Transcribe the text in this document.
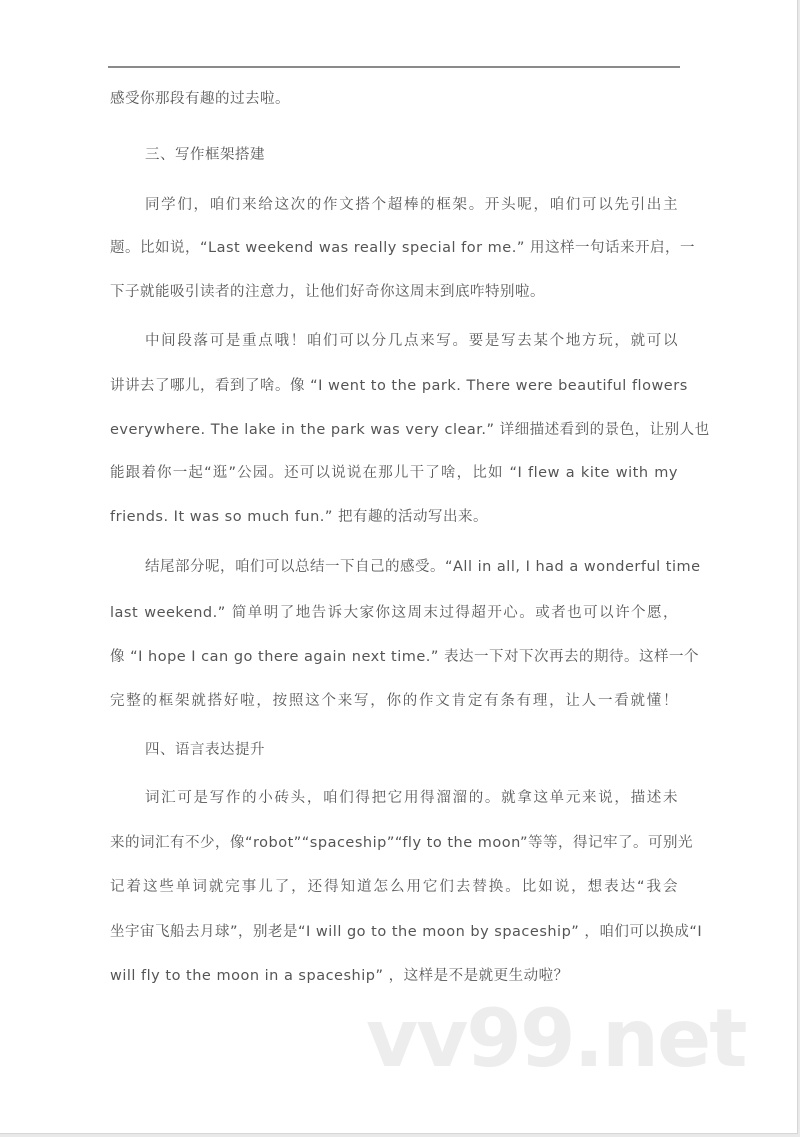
感受你那段有趣的过去啦。
三、写作框架搭建
同学们，咱们来给这次的作文搭个超棒的框架。开头呢，咱们可以先引出主
题。比如说，“Last weekend was really special for me.” 用这样一句话来开启，一
下子就能吸引读者的注意力，让他们好奇你这周末到底咋特别啦。
中间段落可是重点哦！咱们可以分几点来写。要是写去某个地方玩，就可以
讲讲去了哪儿，看到了啥。像 “I went to the park. There were beautiful flowers
everywhere. The lake in the park was very clear.” 详细描述看到的景色，让别人也
能跟着你一起“逛”公园。还可以说说在那儿干了啥，比如 “I flew a kite with my
friends. It was so much fun.” 把有趣的活动写出来。
结尾部分呢，咱们可以总结一下自己的感受。“All in all, I had a wonderful time
last weekend.” 简单明了地告诉大家你这周末过得超开心。或者也可以许个愿，
像 “I hope I can go there again next time.” 表达一下对下次再去的期待。这样一个
完整的框架就搭好啦，按照这个来写，你的作文肯定有条有理，让人一看就懂！
四、语言表达提升
词汇可是写作的小砖头，咱们得把它用得溜溜的。就拿这单元来说，描述未
来的词汇有不少，像“robot”“spaceship”“fly to the moon”等等，得记牢了。可别光
记着这些单词就完事儿了，还得知道怎么用它们去替换。比如说，想表达“我会
坐宇宙飞船去月球”，别老是“I will go to the moon by spaceship” ，咱们可以换成“I
will fly to the moon in a spaceship” ，这样是不是就更生动啦？
vv99.net
